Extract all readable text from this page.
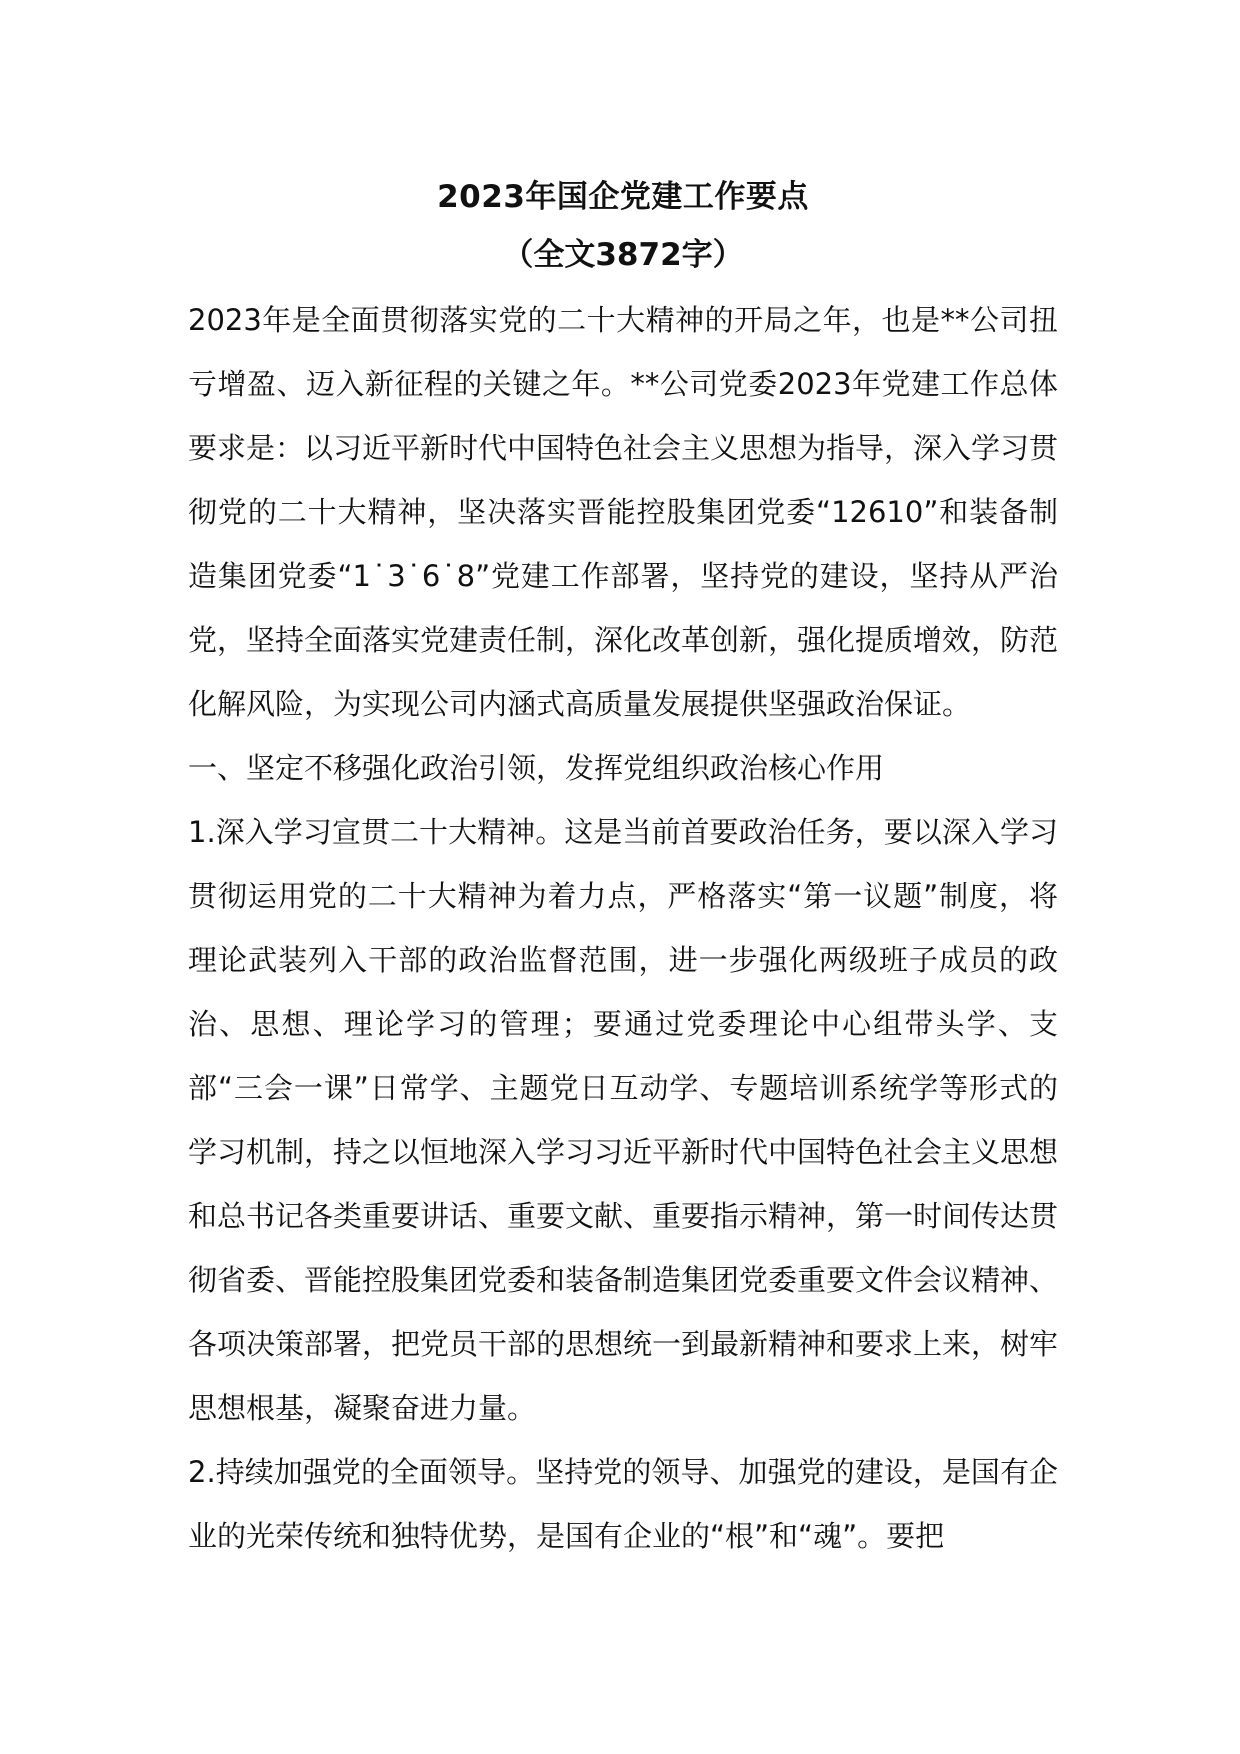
2023年国企党建工作要点
（全文3872字）

2023年是全面贯彻落实党的二十大精神的开局之年，也是**公司扭亏增盈、迈入新征程的关键之年。**公司党委2023年党建工作总体要求是：以习近平新时代中国特色社会主义思想为指导，深入学习贯彻党的二十大精神，坚决落实晋能控股集团党委“12610”和装备制造集团党委“1˙3˙6˙8”党建工作部署，坚持党的建设，坚持从严治党，坚持全面落实党建责任制，深化改革创新，强化提质增效，防范化解风险，为实现公司内涵式高质量发展提供坚强政治保证。

一、坚定不移强化政治引领，发挥党组织政治核心作用

1.深入学习宣贯二十大精神。这是当前首要政治任务，要以深入学习贯彻运用党的二十大精神为着力点，严格落实“第一议题”制度，将理论武装列入干部的政治监督范围，进一步强化两级班子成员的政治、思想、理论学习的管理；要通过党委理论中心组带头学、支部“三会一课”日常学、主题党日互动学、专题培训系统学等形式的学习机制，持之以恒地深入学习习近平新时代中国特色社会主义思想和总书记各类重要讲话、重要文献、重要指示精神，第一时间传达贯彻省委、晋能控股集团党委和装备制造集团党委重要文件会议精神、各项决策部署，把党员干部的思想统一到最新精神和要求上来，树牢思想根基，凝聚奋进力量。

2.持续加强党的全面领导。坚持党的领导、加强党的建设，是国有企业的光荣传统和独特优势，是国有企业的“根”和“魂”。要把
